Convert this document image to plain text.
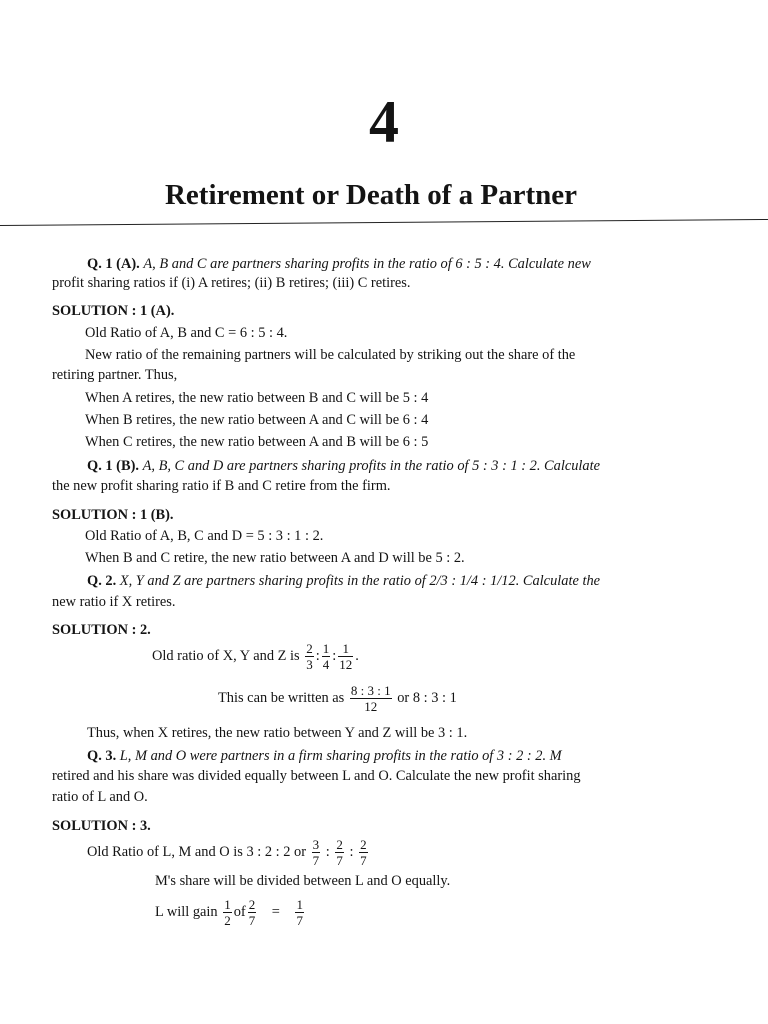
4
Retirement or Death of a Partner
Q. 1 (A). A, B and C are partners sharing profits in the ratio of 6 : 5 : 4. Calculate new
profit sharing ratios if (i) A retires; (ii) B retires; (iii) C retires.
SOLUTION : 1 (A).
Old Ratio of A, B and C = 6 : 5 : 4.
New ratio of the remaining partners will be calculated by striking out the share of the
retiring partner. Thus,
When A retires, the new ratio between B and C will be 5 : 4
When B retires, the new ratio between A and C will be 6 : 4
When C retires, the new ratio between A and B will be 6 : 5
Q. 1 (B). A, B, C and D are partners sharing profits in the ratio of 5 : 3 : 1 : 2. Calculate
the new profit sharing ratio if B and C retire from the firm.
SOLUTION : 1 (B).
Old Ratio of A, B, C and D = 5 : 3 : 1 : 2.
When B and C retire, the new ratio between A and D will be 5 : 2.
Q. 2. X, Y and Z are partners sharing profits in the ratio of 2/3 : 1/4 : 1/12. Calculate the
new ratio if X retires.
SOLUTION : 2.
Old ratio of X, Y and Z is $\frac{2}{3}$ : $\frac{1}{4}$ : $\frac{1}{12}$ .
This can be written as $\frac{8 : 3 : 1}{12}$ or 8 : 3 : 1
Thus, when X retires, the new ratio between Y and Z will be 3 : 1.
Q. 3. L, M and O were partners in a firm sharing profits in the ratio of 3 : 2 : 2. M
retired and his share was divided equally between L and O. Calculate the new profit sharing
ratio of L and O.
SOLUTION : 3.
Old Ratio of L, M and O is 3 : 2 : 2 or $\frac{3}{7}$ : $\frac{2}{7}$ : $\frac{2}{7}$
M's share will be divided between L and O equally.
L will gain $\frac{1}{2}$ of $\frac{2}{7} = \frac{1}{7}$
